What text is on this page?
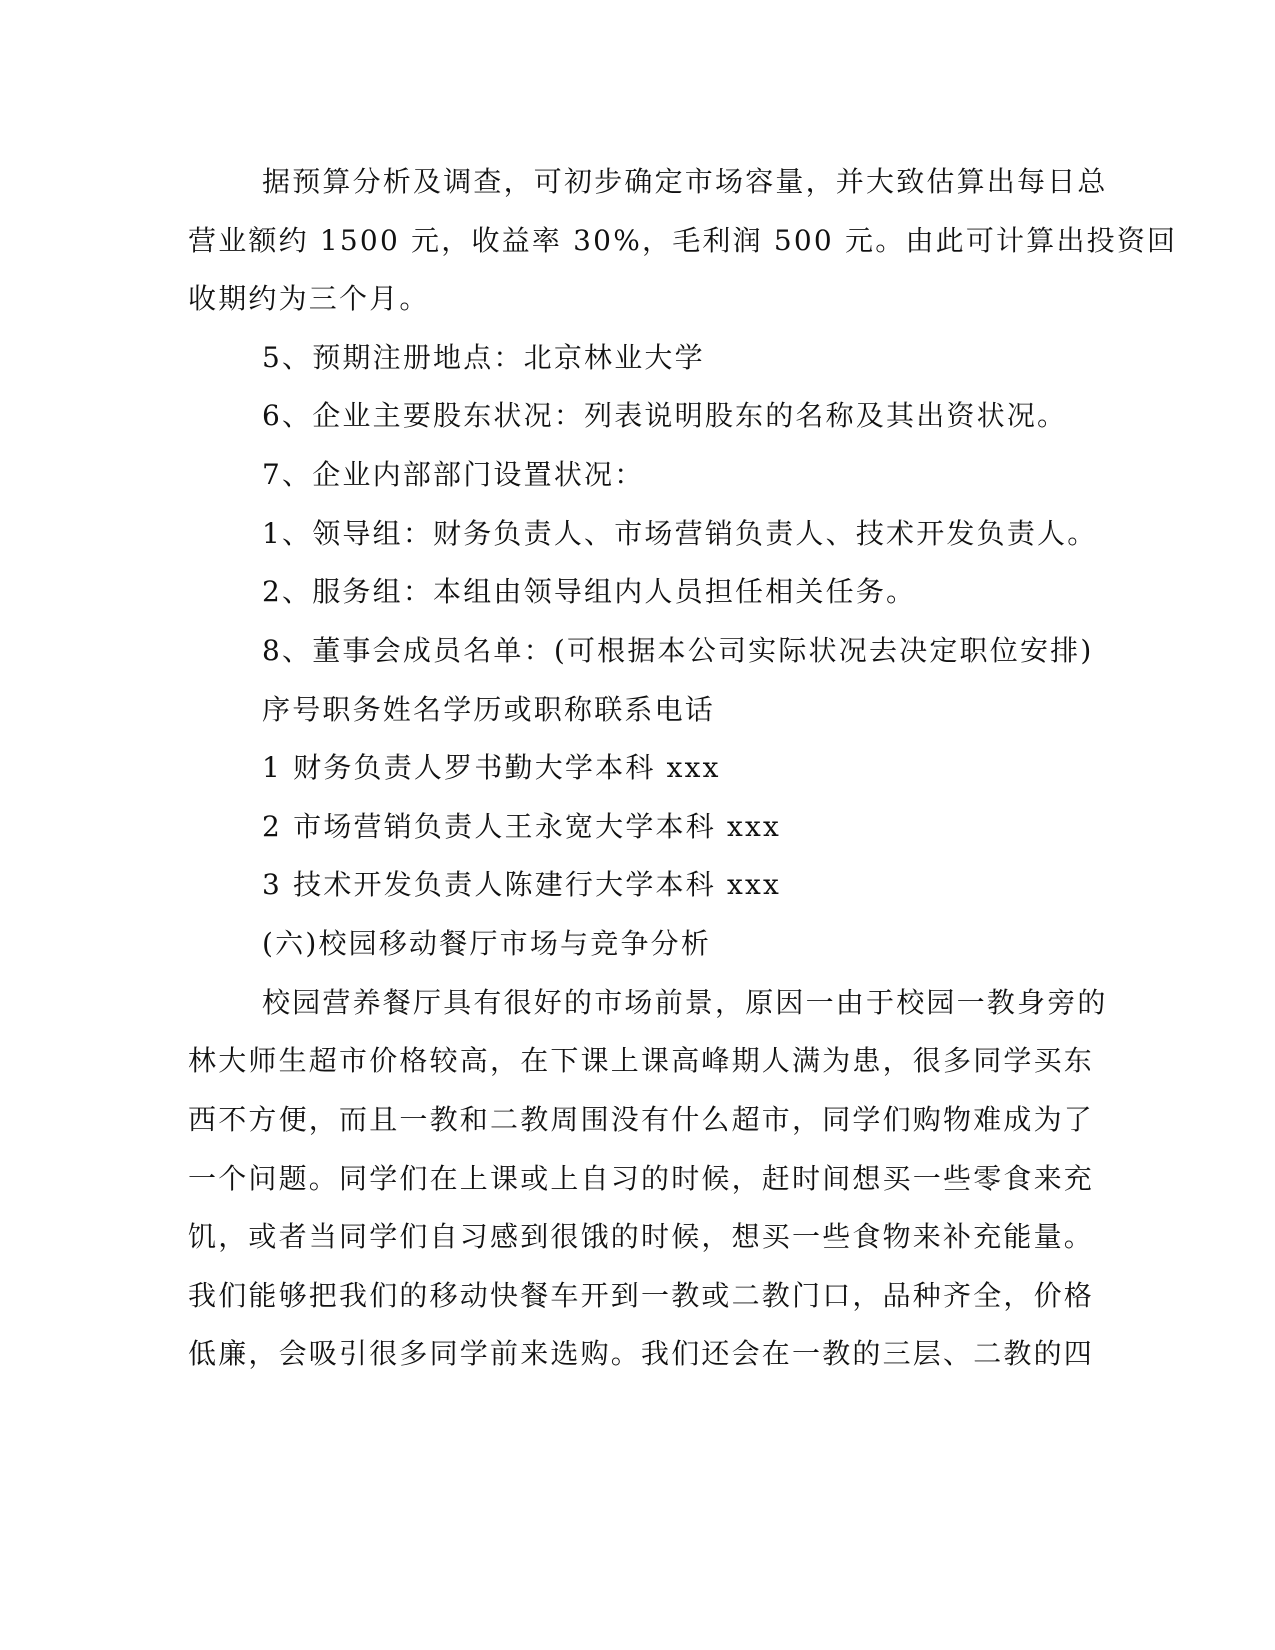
据预算分析及调查，可初步确定市场容量，并大致估算出每日总
营业额约 1500 元，收益率 30%，毛利润 500 元。由此可计算出投资回
收期约为三个月。
5、预期注册地点：北京林业大学
6、企业主要股东状况：列表说明股东的名称及其出资状况。
7、企业内部部门设置状况：
1、领导组：财务负责人、市场营销负责人、技术开发负责人。
2、服务组：本组由领导组内人员担任相关任务。
8、董事会成员名单：(可根据本公司实际状况去决定职位安排)
序号职务姓名学历或职称联系电话
1 财务负责人罗书勤大学本科 xxx
2 市场营销负责人王永宽大学本科 xxx
3 技术开发负责人陈建行大学本科 xxx
(六)校园移动餐厅市场与竞争分析
校园营养餐厅具有很好的市场前景，原因一由于校园一教身旁的
林大师生超市价格较高，在下课上课高峰期人满为患，很多同学买东
西不方便，而且一教和二教周围没有什么超市，同学们购物难成为了
一个问题。同学们在上课或上自习的时候，赶时间想买一些零食来充
饥，或者当同学们自习感到很饿的时候，想买一些食物来补充能量。
我们能够把我们的移动快餐车开到一教或二教门口，品种齐全，价格
低廉，会吸引很多同学前来选购。我们还会在一教的三层、二教的四
